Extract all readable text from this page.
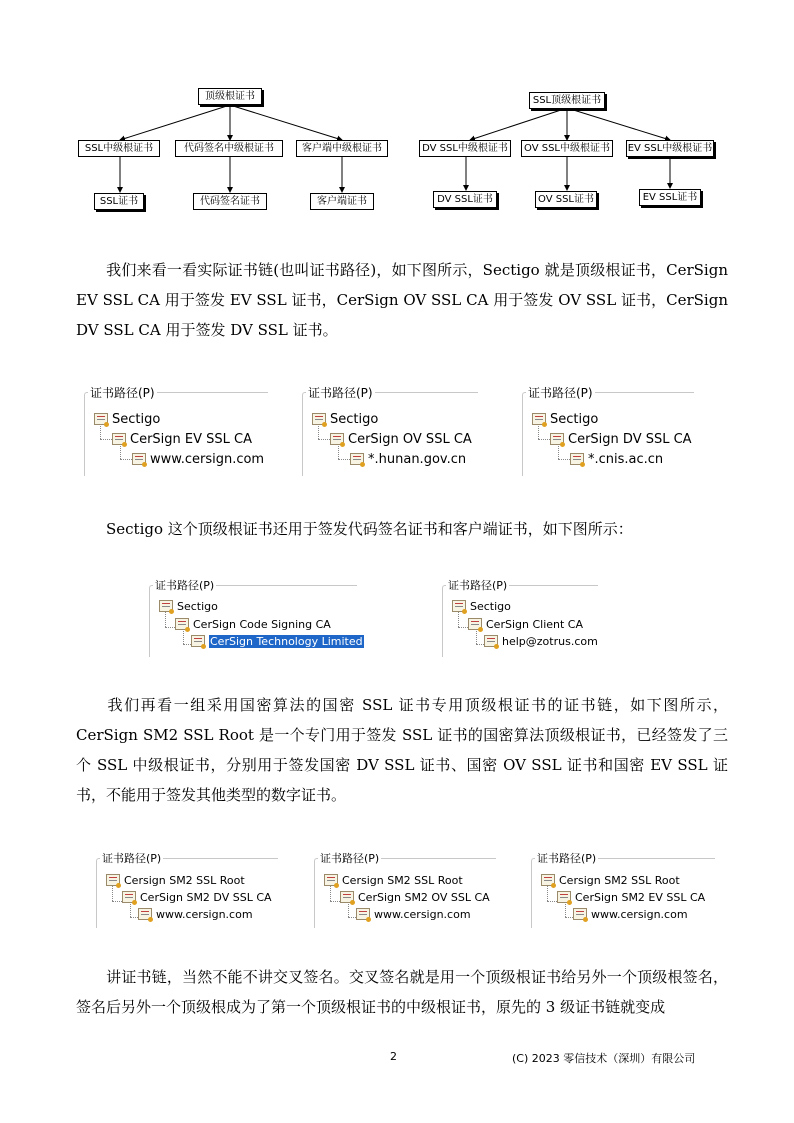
顶级根证书
SSL中级根证书	代码签名中级根证书	客户端中级根证书
SSL证书	代码签名证书	客户端证书
SSL顶级根证书
DV SSL中级根证书	OV SSL中级根证书	EV SSL中级根证书
DV SSL证书	OV SSL证书	EV SSL证书
我们来看一看实际证书链(也叫证书路径)，如下图所示，Sectigo 就是顶级根证书，CerSign EV SSL CA 用于签发 EV SSL 证书，CerSign OV SSL CA 用于签发 OV SSL 证书，CerSign DV SSL CA 用于签发 DV SSL 证书。
证书路径(P)
Sectigo
CerSign EV SSL CA
www.cersign.com
证书路径(P)
Sectigo
CerSign OV SSL CA
*.hunan.gov.cn
证书路径(P)
Sectigo
CerSign DV SSL CA
*.cnis.ac.cn
Sectigo 这个顶级根证书还用于签发代码签名证书和客户端证书，如下图所示：
证书路径(P)
Sectigo
CerSign Code Signing CA
CerSign Technology Limited
证书路径(P)
Sectigo
CerSign Client CA
help@zotrus.com
我们再看一组采用国密算法的国密 SSL 证书专用顶级根证书的证书链，如下图所示，CerSign SM2 SSL Root 是一个专门用于签发 SSL 证书的国密算法顶级根证书，已经签发了三个 SSL 中级根证书，分别用于签发国密 DV SSL 证书、国密 OV SSL 证书和国密 EV SSL 证书，不能用于签发其他类型的数字证书。
证书路径(P)
Cersign SM2 SSL Root
CerSign SM2 DV SSL CA
www.cersign.com
证书路径(P)
Cersign SM2 SSL Root
CerSign SM2 OV SSL CA
www.cersign.com
证书路径(P)
Cersign SM2 SSL Root
CerSign SM2 EV SSL CA
www.cersign.com
讲证书链，当然不能不讲交叉签名。交叉签名就是用一个顶级根证书给另外一个顶级根签名，签名后另外一个顶级根成为了第一个顶级根证书的中级根证书，原先的 3 级证书链就变成
2	(C) 2023 零信技术（深圳）有限公司
